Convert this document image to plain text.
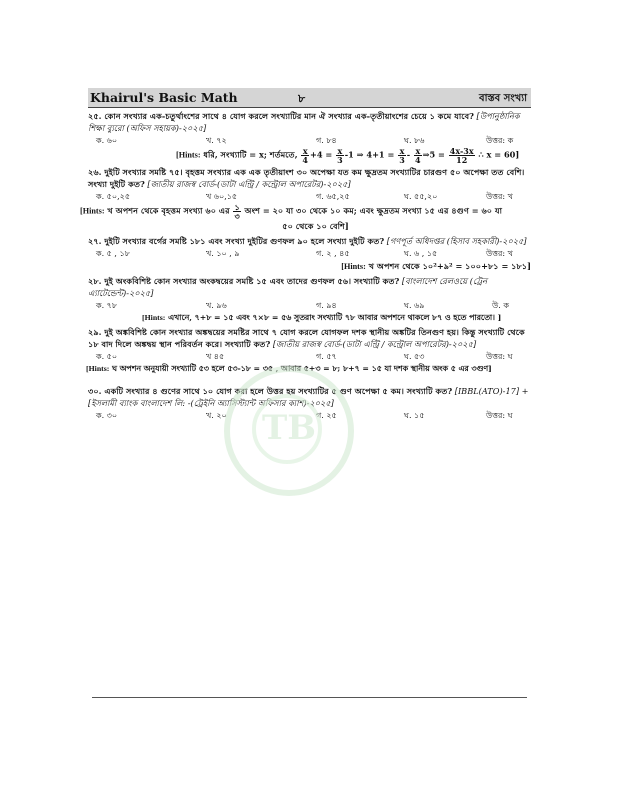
Khairul's Basic Math	৮	বাস্তব সংখ্যা
২৫. কোন সংখ্যার এক-চতুর্থাংশের সাথে ৪ যোগ করলে সংখ্যাটির মান ঐ সংখ্যার এক-তৃতীয়াংশের চেয়ে ১ কমে যাবে? [উপানুষ্ঠানিক শিক্ষা ব্যুরো (অফিস সহায়ক)-২০২৫]
ক. ৬০	খ. ৭২	গ. ৮৪	ঘ. ৮৬	উত্তর: ক
[Hints: ধরি, সংখ্যাটি = x; শর্তমতে, $\frac{x}{4} +4 = \frac{x}{3} -1$ ⇒ $4+1 = \frac{x}{3} - \frac{x}{4}$ ⇒5 = $\frac{4x-3x}{12}$ ∴ x = 60]
২৬. দুইটি সংখ্যার সমষ্টি ৭৫। বৃহত্তম সংখ্যার এক এক তৃতীয়াংশ ৩০ অপেক্ষা যত কম ক্ষুদ্রতম সংখ্যাটির চারগুণ ৫০ অপেক্ষা তত বেশি। সংখ্যা দুইটি কত? [জাতীয় রাজস্ব বোর্ড-(ডাটা এন্ট্রি / কন্ট্রোল অপারেটর)-২০২৫]
ক. ৫০,২৫	খ ৬০,১৫	গ. ৬৫,২৫	ঘ. ৫৫,২০	উত্তর: খ
[Hints: খ অপশন থেকে বৃহত্তম সংখ্যা ৬০ এর $\frac{১}{৩}$ অংশ = ২০ যা ৩০ থেকে ১০ কম; এবং ক্ষুদ্রতম সংখ্যা ১৫ এর ৪গুণ = ৬০ যা
৫০ থেকে ১০ বেশি]
২৭. দুইটি সংখ্যার বর্গের সমষ্টি ১৮১ এবং সংখ্যা দুইটির গুণফল ৯০ হলে সংখ্যা দুইটি কত? [গণপূর্ত অধিদপ্তর (হিসাব সহকারী)-২০২৫]
ক. ৫ , ১৮	খ. ১০ , ৯	গ. ২ , ৪৫	ঘ. ৬ , ১৫	উত্তর: খ
[Hints: খ অপশন থেকে ১০²+৯² = ১০০+৮১ = ১৮১]
২৮. দুই অংকবিশিষ্ট কোন সংখ্যার অংকদ্বয়ের সমষ্টি ১৫ এবং তাদের গুণফল ৫৬। সংখ্যাটি কত? [বাংলাদেশ রেলওয়ে (ট্রেন এ্যাটেন্ডেন্ট)-২০২৫]
ক. ৭৮	খ. ৯৬	গ. ৯৪	ঘ. ৬৯	উ. ক
[Hints: এখানে, ৭+৮ = ১৫ এবং ৭×৮ = ৫৬ সুতরাং সংখ্যাটি ৭৮ আবার অপশনে থাকলে ৮৭ ও হতে পারতো। ]
২৯. দুই অঙ্কবিশিষ্ট কোন সংখ্যার অঙ্কদ্বয়ের সমষ্টির সাথে ৭ যোগ করলে যোগফল দশক স্থানীয় অঙ্কটির তিনগুণ হয়। কিন্তু সংখ্যাটি থেকে ১৮ বাদ দিলে অঙ্কদ্বয় স্থান পরিবর্তন করে। সংখ্যাটি কত? [জাতীয় রাজস্ব বোর্ড-(ডাটা এন্ট্রি / কন্ট্রোল অপারেটর)-২০২৫]
ক. ৫০	খ ৪৫	গ. ৫৭	ঘ. ৫৩	উত্তর: ঘ
[Hints: ঘ অপশন অনুযায়ী সংখ্যাটি ৫৩ হলে ৫৩-১৮ = ৩৫ , আবার ৫+৩ = ৮; ৮+৭ = ১৫ যা দশক স্থানীয় অংক ৫ এর ৩গুণ]
৩০. একটি সংখ্যার ৪ গুণের সাথে ১০ যোগ করা হলে উত্তর হয় সংখ্যাটির ৫ গুণ অপেক্ষা ৫ কম। সংখ্যাটি কত? [IBBL(ATO)-17] + [ইসলামী ব্যাংক বাংলাদেশ লি: -(ট্রেইনি অ্যাসিস্ট্যান্ট অফিসার ক্যাশ)-২০২৫]
ক. ৩০	খ. ২০	গ. ২৫	ঘ. ১৫	উত্তর: ঘ
TB
